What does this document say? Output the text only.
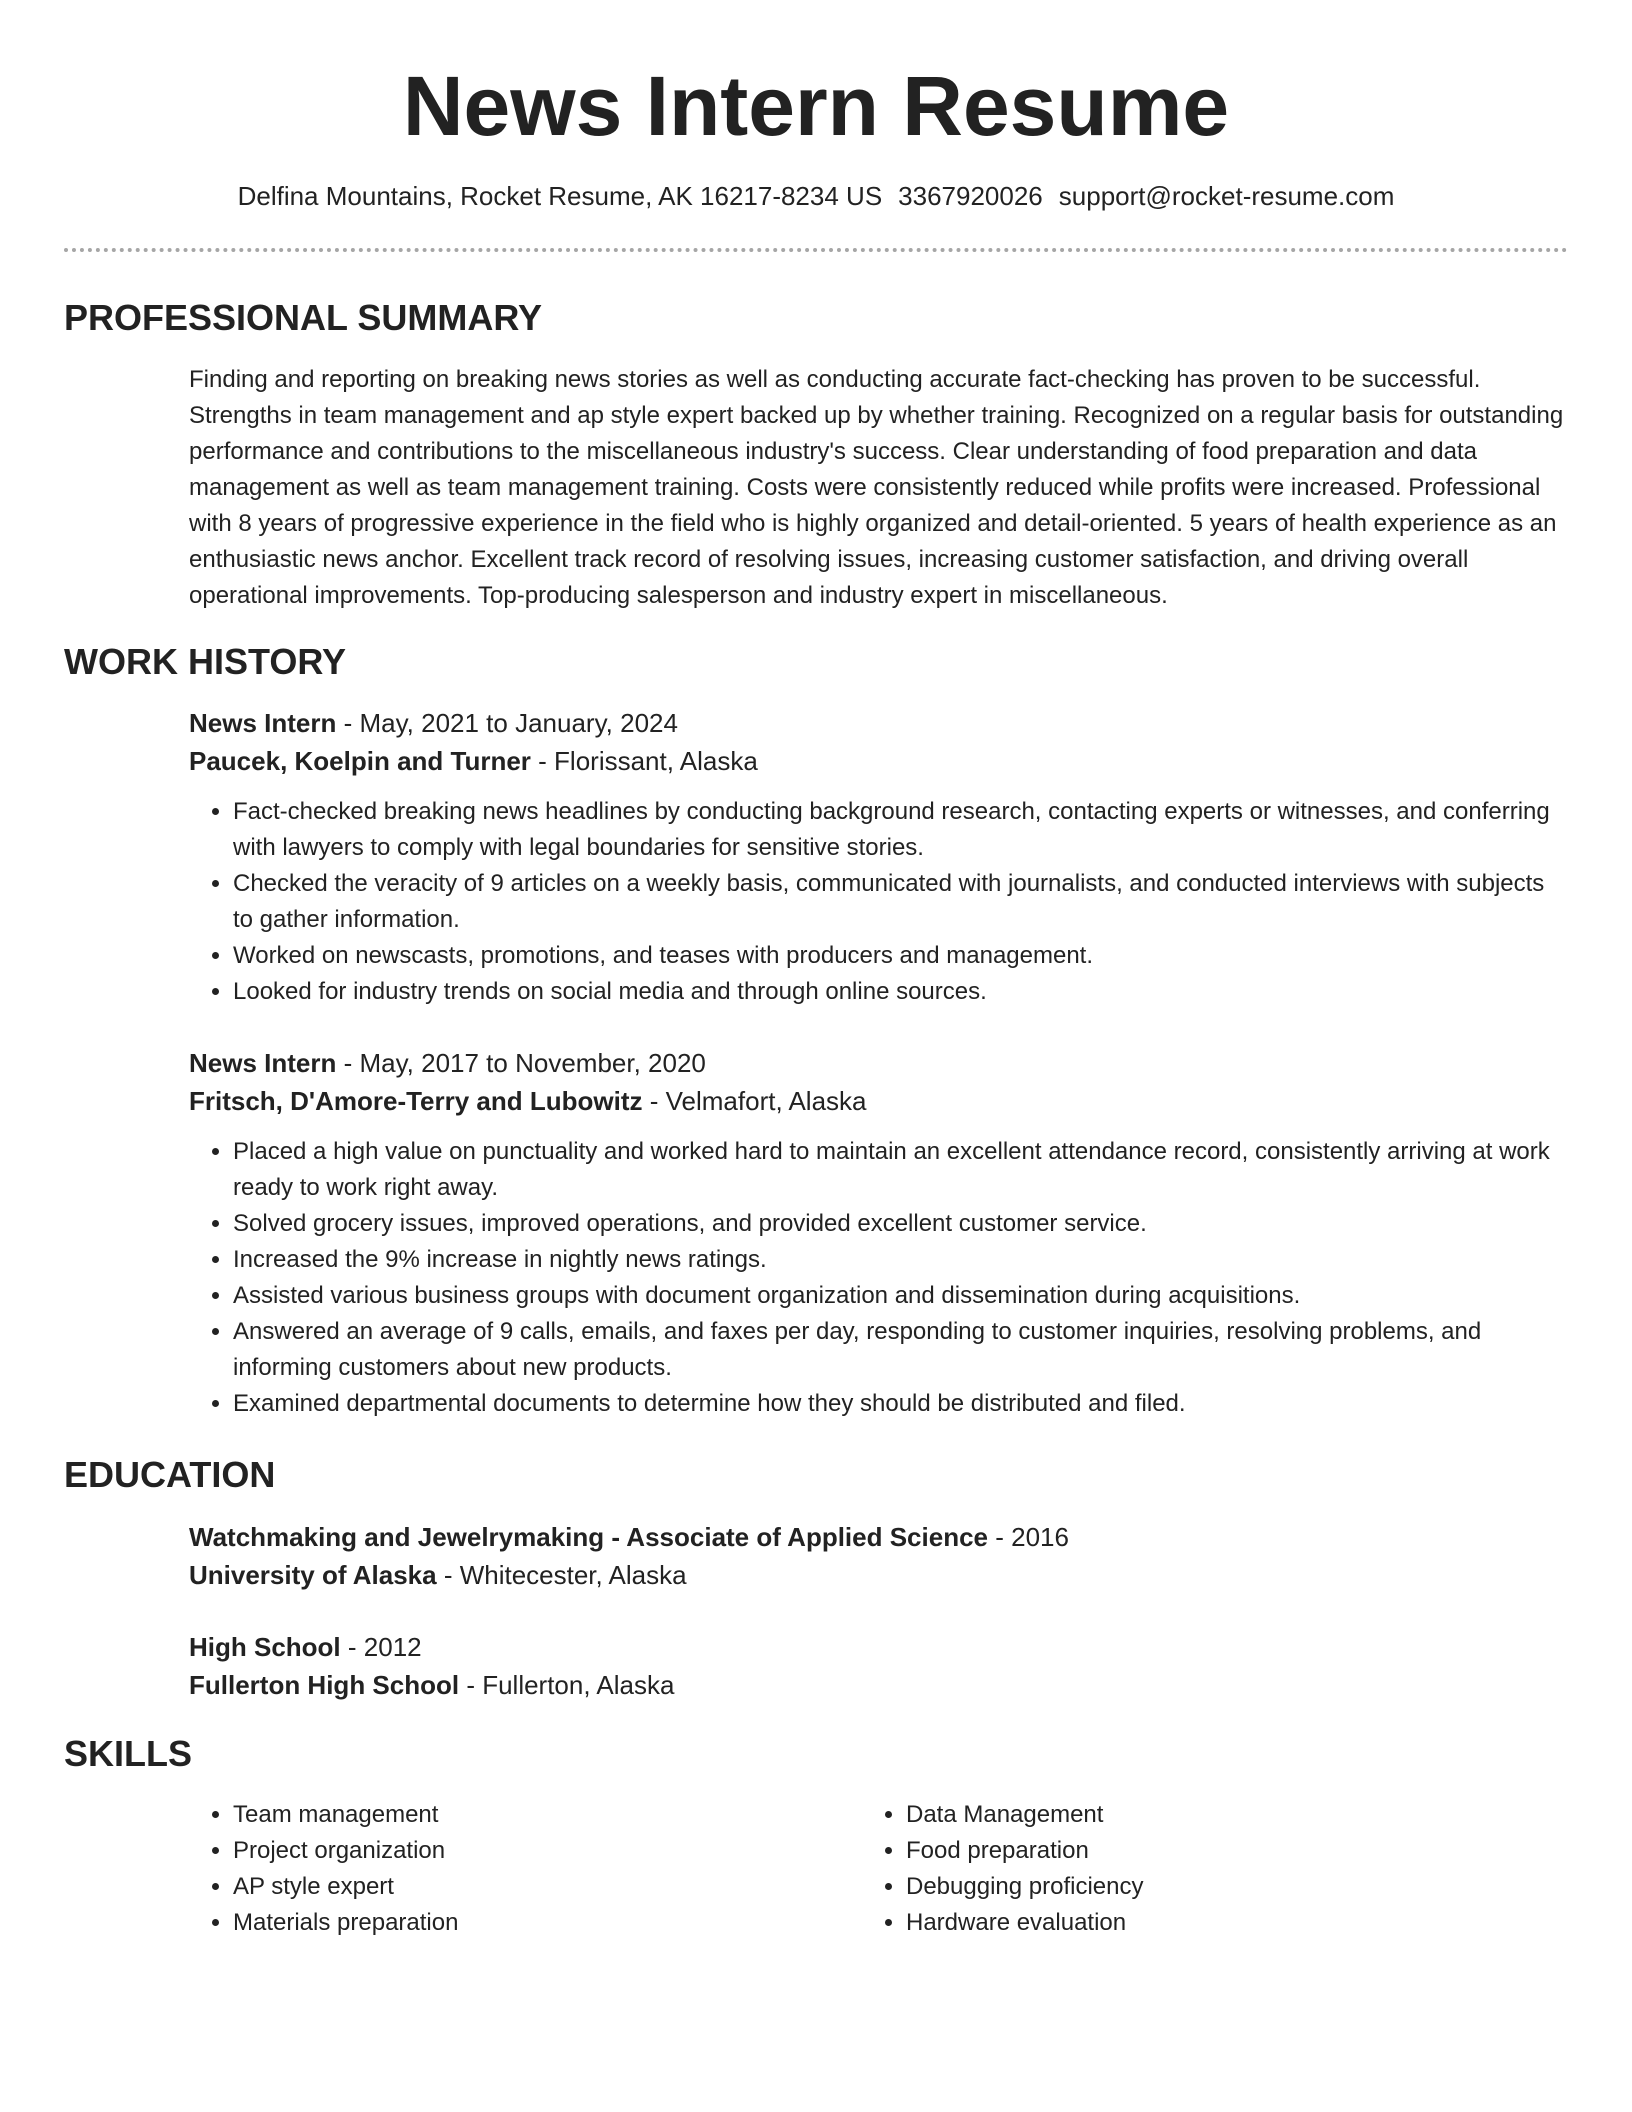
News Intern Resume
Delfina Mountains, Rocket Resume, AK 16217-8234 US 3367920026 support@rocket-resume.com
PROFESSIONAL SUMMARY

Finding and reporting on breaking news stories as well as conducting accurate fact-checking has proven to be successful. Strengths in team management and ap style expert backed up by whether training. Recognized on a regular basis for outstanding performance and contributions to the miscellaneous industry's success. Clear understanding of food preparation and data management as well as team management training. Costs were consistently reduced while profits were increased. Professional with 8 years of progressive experience in the field who is highly organized and detail-oriented. 5 years of health experience as an enthusiastic news anchor. Excellent track record of resolving issues, increasing customer satisfaction, and driving overall operational improvements. Top-producing salesperson and industry expert in miscellaneous.

WORK HISTORY

News Intern - May, 2021 to January, 2024

Paucek, Koelpin and Turner - Florissant, Alaska

• Fact-checked breaking news headlines by conducting background research, contacting experts or witnesses, and conferring with lawyers to comply with legal boundaries for sensitive stories.
• Checked the veracity of 9 articles on a weekly basis, communicated with journalists, and conducted interviews with subjects to gather information.
• Worked on newscasts, promotions, and teases with producers and management.
• Looked for industry trends on social media and through online sources.

News Intern - May, 2017 to November, 2020

Fritsch, D'Amore-Terry and Lubowitz - Velmafort, Alaska

• Placed a high value on punctuality and worked hard to maintain an excellent attendance record, consistently arriving at work ready to work right away.
• Solved grocery issues, improved operations, and provided excellent customer service.
• Increased the 9% increase in nightly news ratings.
• Assisted various business groups with document organization and dissemination during acquisitions.
• Answered an average of 9 calls, emails, and faxes per day, responding to customer inquiries, resolving problems, and informing customers about new products.
• Examined departmental documents to determine how they should be distributed and filed.
EDUCATION

Watchmaking and Jewelrymaking - Associate of Applied Science - 2016

University of Alaska - Whitecester, Alaska

High School - 2012

Fullerton High School - Fullerton, Alaska

SKILLS
• Team management
• Project organization
• AP style expert
• Materials preparation
• Data Management
• Food preparation
• Debugging proficiency
• Hardware evaluation
